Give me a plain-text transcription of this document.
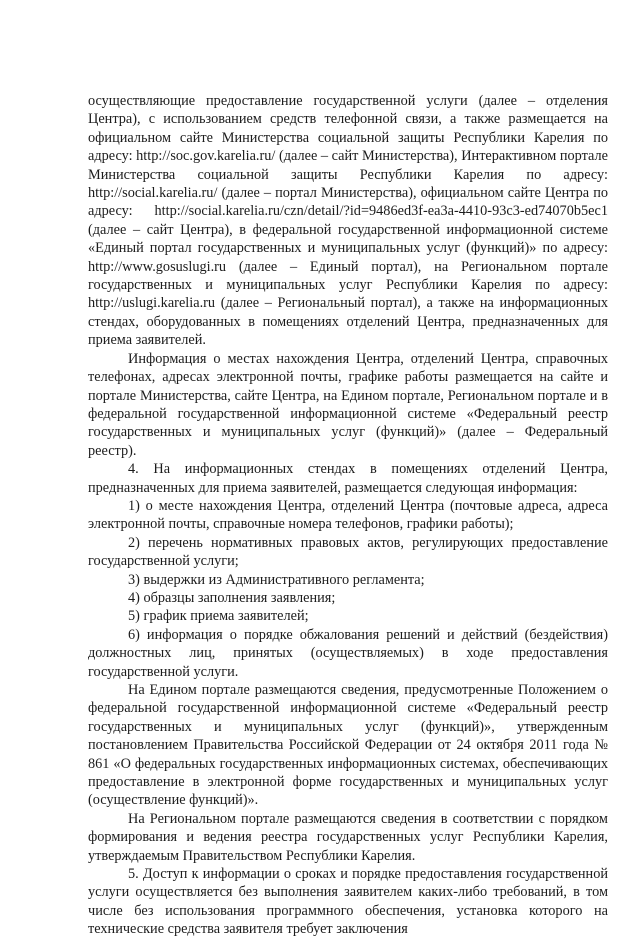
осуществляющие предоставление государственной услуги (далее – отделения Центра), с использованием средств телефонной связи, а также размещается на официальном сайте Министерства социальной защиты Республики Карелия по адресу: http://soc.gov.karelia.ru/ (далее – сайт Министерства), Интерактивном портале Министерства социальной защиты Республики Карелия по адресу: http://social.karelia.ru/ (далее – портал Министерства), официальном сайте Центра по адресу: http://social.karelia.ru/czn/detail/?id=9486ed3f-ea3a-4410-93c3-ed74070b5ec1 (далее – сайт Центра), в федеральной государственной информационной системе «Единый портал государственных и муниципальных услуг (функций)» по адресу: http://www.gosuslugi.ru (далее – Единый портал), на Региональном портале государственных и муниципальных услуг Республики Карелия по адресу: http://uslugi.karelia.ru (далее – Региональный портал), а также на информационных стендах, оборудованных в помещениях отделений Центра, предназначенных для приема заявителей.

Информация о местах нахождения Центра, отделений Центра, справочных телефонах, адресах электронной почты, графике работы размещается на сайте и портале Министерства, сайте Центра, на Едином портале, Региональном портале и в федеральной государственной информационной системе «Федеральный реестр государственных и муниципальных услуг (функций)» (далее – Федеральный реестр).

4. На информационных стендах в помещениях отделений Центра, предназначенных для приема заявителей, размещается следующая информация:

1) о месте нахождения Центра, отделений Центра (почтовые адреса, адреса электронной почты, справочные номера телефонов, графики работы);

2) перечень нормативных правовых актов, регулирующих предоставление государственной услуги;

3) выдержки из Административного регламента;

4) образцы заполнения заявления;

5) график приема заявителей;

6) информация о порядке обжалования решений и действий (бездействия) должностных лиц, принятых (осуществляемых) в ходе предоставления государственной услуги.

На Едином портале размещаются сведения, предусмотренные Положением о федеральной государственной информационной системе «Федеральный реестр государственных и муниципальных услуг (функций)», утвержденным постановлением Правительства Российской Федерации от 24 октября 2011 года № 861 «О федеральных государственных информационных системах, обеспечивающих предоставление в электронной форме государственных и муниципальных услуг (осуществление функций)».

На Региональном портале размещаются сведения в соответствии с порядком формирования и ведения реестра государственных услуг Республики Карелия, утверждаемым Правительством Республики Карелия.

5. Доступ к информации о сроках и порядке предоставления государственной услуги осуществляется без выполнения заявителем каких-либо требований, в том числе без использования программного обеспечения, установка которого на технические средства заявителя требует заключения
